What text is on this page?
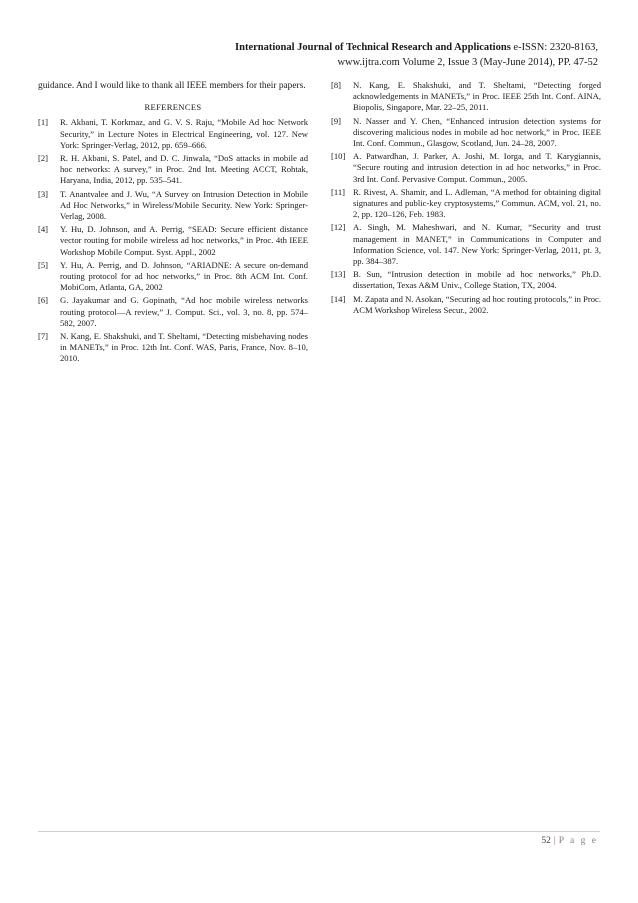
International Journal of Technical Research and Applications e-ISSN: 2320-8163,
www.ijtra.com Volume 2, Issue 3 (May-June 2014), PP. 47-52
guidance. And I would like to thank all IEEE members for their papers.
REFERENCES
[1]	R. Akbani, T. Korkmaz, and G. V. S. Raju, “Mobile Ad hoc Network Security,” in Lecture Notes in Electrical Engineering, vol. 127. New York: Springer-Verlag, 2012, pp. 659–666.
[2]	R. H. Akbani, S. Patel, and D. C. Jinwala, “DoS attacks in mobile ad hoc networks: A survey,” in Proc. 2nd Int. Meeting ACCT, Rohtak, Haryana, India, 2012, pp. 535–541.
[3]	T. Anantvalee and J. Wu, “A Survey on Intrusion Detection in Mobile Ad Hoc Networks,” in Wireless/Mobile Security. New York: Springer- Verlag, 2008.
[4]	Y. Hu, D. Johnson, and A. Perrig, “SEAD: Secure efficient distance vector routing for mobile wireless ad hoc networks,” in Proc. 4th IEEE Workshop Mobile Comput. Syst. Appl., 2002
[5]	Y. Hu, A. Perrig, and D. Johnson, “ARIADNE: A secure on-demand routing protocol for ad hoc networks,” in Proc. 8th ACM Int. Conf. MobiCom, Atlanta, GA, 2002
[6]	G. Jayakumar and G. Gopinath, “Ad hoc mobile wireless networks routing protocol—A review,” J. Comput. Sci., vol. 3, no. 8, pp. 574–582, 2007.
[7]	N. Kang, E. Shakshuki, and T. Sheltami, “Detecting misbehaving nodes in MANETs,” in Proc. 12th Int. Conf. WAS, Paris, France, Nov. 8–10, 2010.
[8]	N. Kang, E. Shakshuki, and T. Sheltami, “Detecting forged acknowledgements in MANETs,” in Proc. IEEE 25th Int. Conf. AINA, Biopolis, Singapore, Mar. 22–25, 2011.
[9]	N. Nasser and Y. Chen, “Enhanced intrusion detection systems for discovering malicious nodes in mobile ad hoc network,” in Proc. IEEE Int. Conf. Commun., Glasgow, Scotland, Jun. 24–28, 2007.
[10] A. Patwardhan, J. Parker, A. Joshi, M. Iorga, and T. Karygiannis, “Secure routing and intrusion detection in ad hoc networks,” in Proc. 3rd Int. Conf. Pervasive Comput. Commun., 2005.
[11] R. Rivest, A. Shamir, and L. Adleman, “A method for obtaining digital signatures and public-key cryptosystems,” Commun. ACM, vol. 21, no. 2, pp. 120–126, Feb. 1983.
[12] A. Singh, M. Maheshwari, and N. Kumar, “Security and trust management in MANET,” in Communications in Computer and Information Science, vol. 147. New York: Springer-Verlag, 2011, pt. 3, pp. 384–387.
[13] B. Sun, “Intrusion detection in mobile ad hoc networks,” Ph.D. dissertation, Texas A&M Univ., College Station, TX, 2004.
[14] M. Zapata and N. Asokan, “Securing ad hoc routing protocols,” in Proc. ACM Workshop Wireless Secur., 2002.
52 | P a g e
